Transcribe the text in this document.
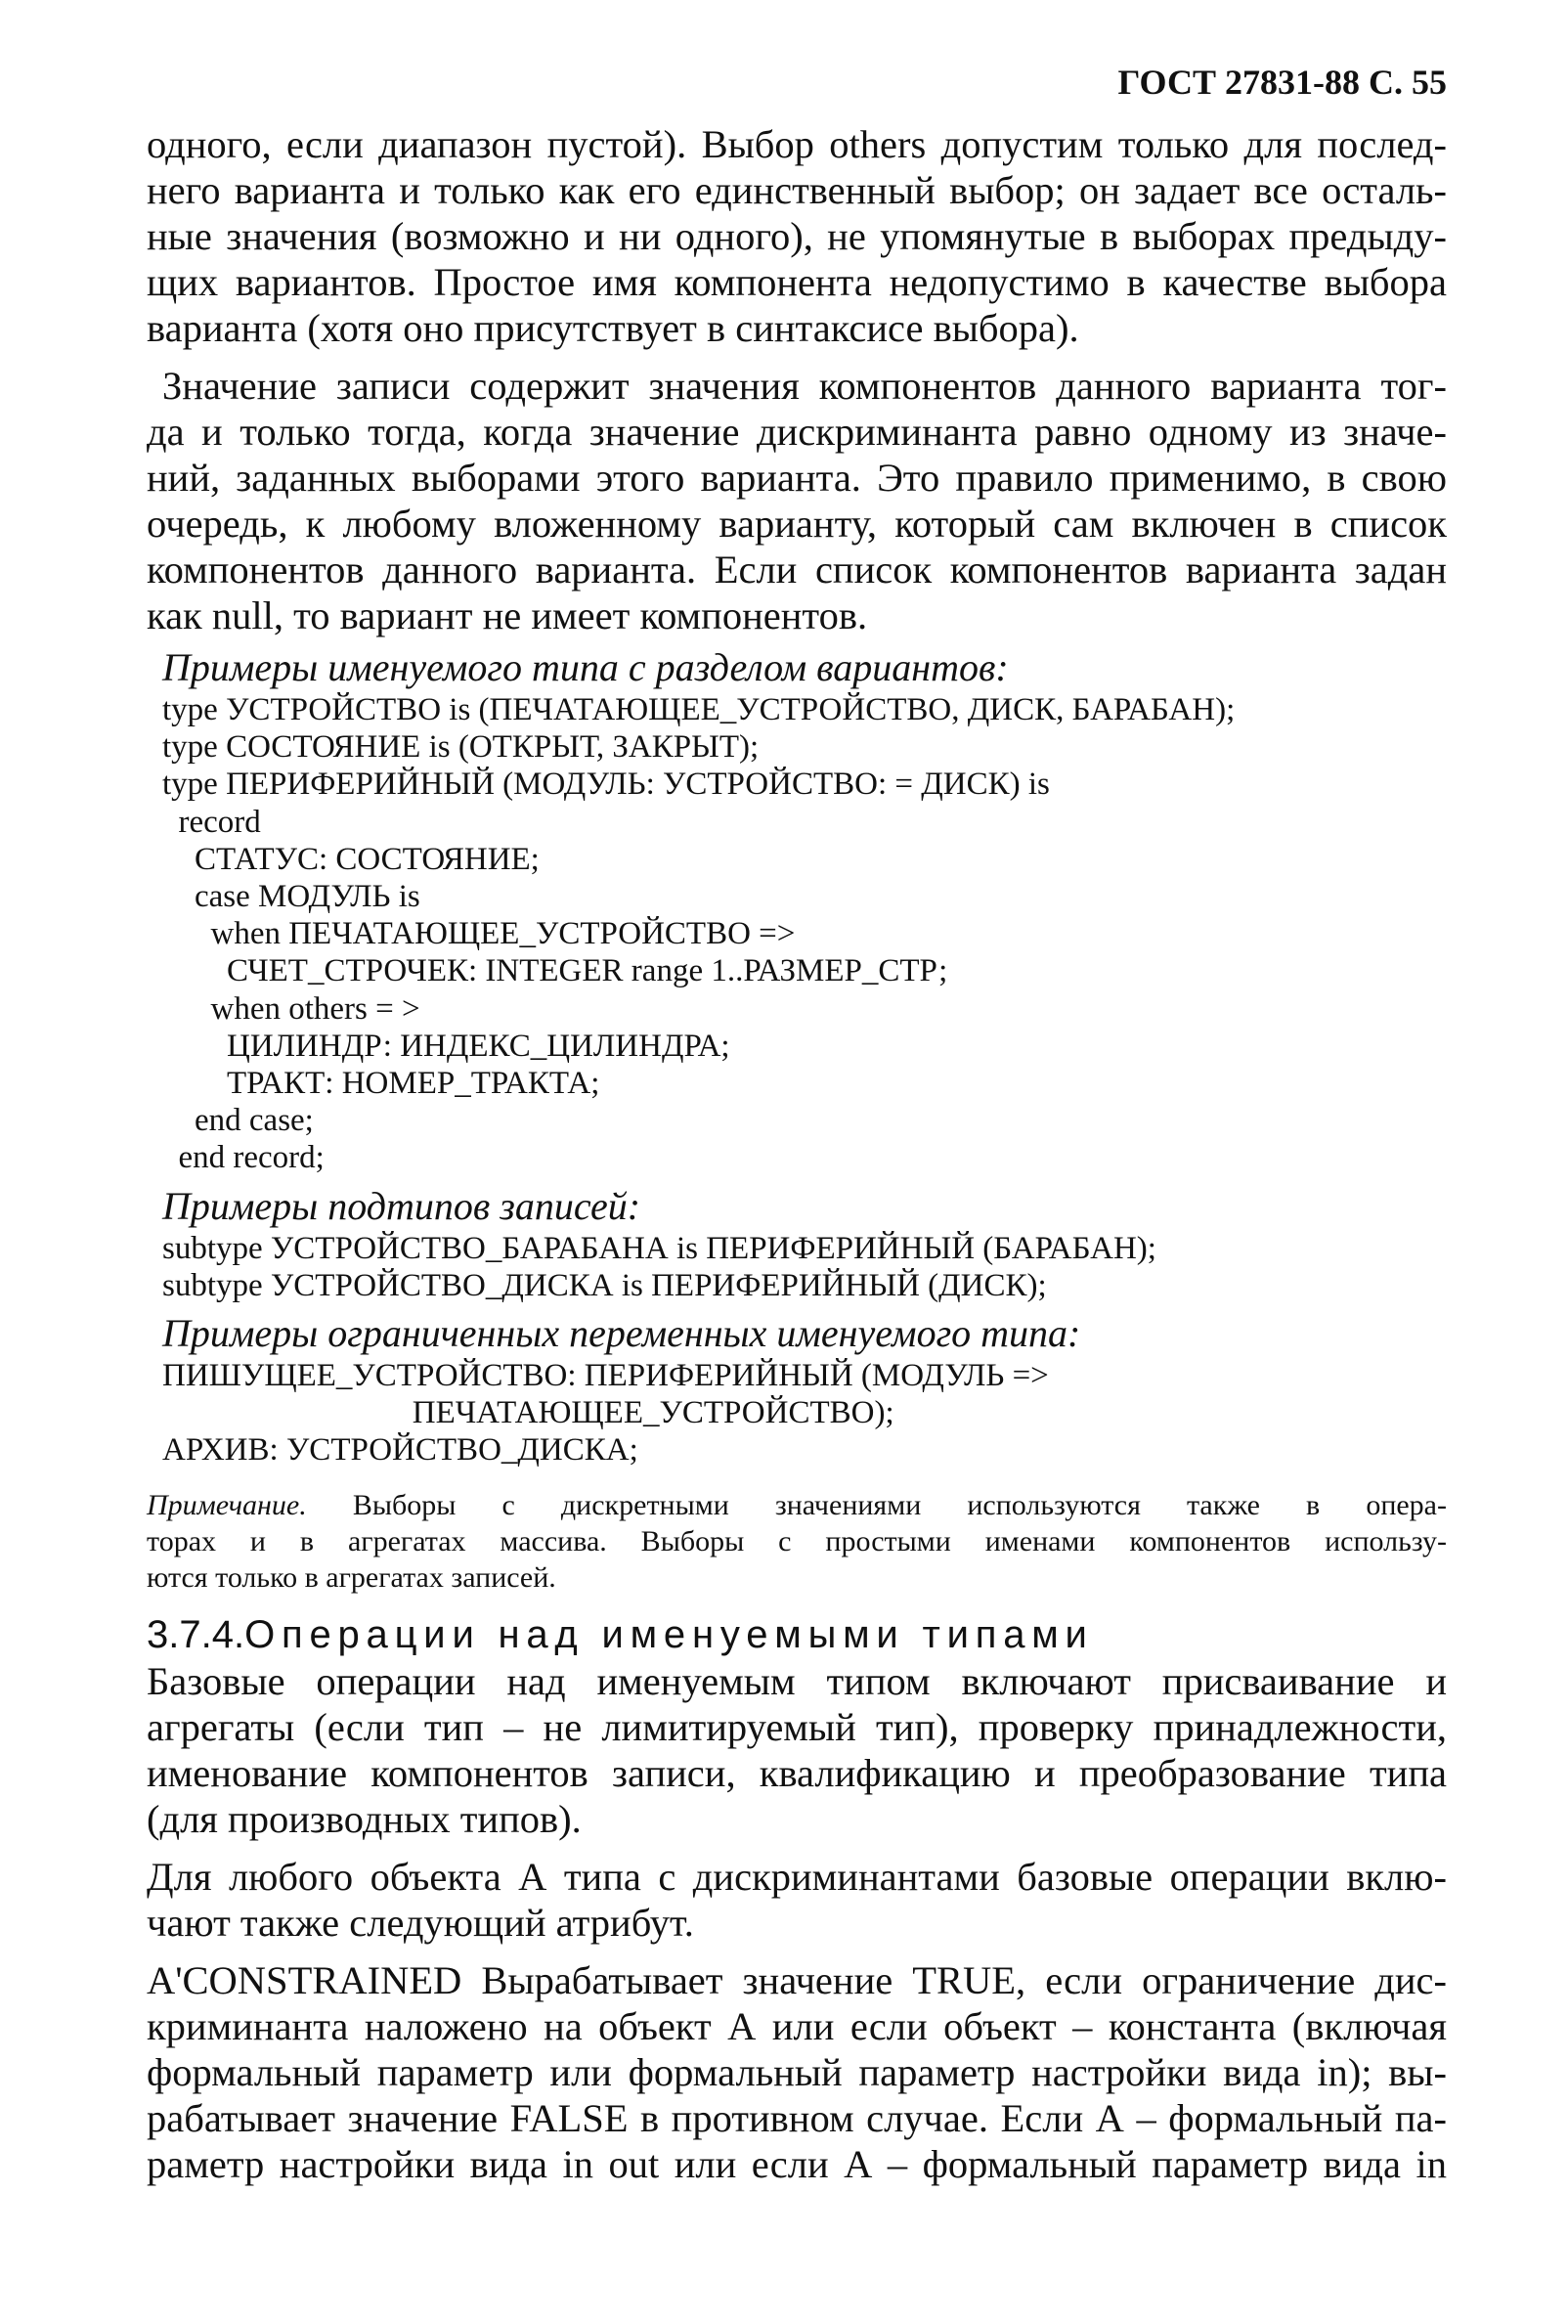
ГОСТ 27831-88 С. 55
одного, если диапазон пустой). Выбор others допустим только для послед-
него варианта и только как его единственный выбор; он задает все осталь-
ные значения (возможно и ни одного), не упомянутые в выборах предыду-
щих вариантов. Простое имя компонента недопустимо в качестве выбора
варианта (хотя оно присутствует в синтаксисе выбора).
Значение записи содержит значения компонентов данного варианта тог-
да и только тогда, когда значение дискриминанта равно одному из значе-
ний, заданных выборами этого варианта. Это правило применимо, в свою
очередь, к любому вложенному варианту, который сам включен в список
компонентов данного варианта. Если список компонентов варианта задан
как null, то вариант не имеет компонентов.
Примеры именуемого типа с разделом вариантов:
type УСТРОЙСТВО is (ПЕЧАТАЮЩЕЕ_УСТРОЙСТВО, ДИСК, БАРАБАН);
type СОСТОЯНИЕ is (ОТКРЫТ, ЗАКРЫТ);
type ПЕРИФЕРИЙНЫЙ (МОДУЛЬ: УСТРОЙСТВО: = ДИСК) is
record
СТАТУС: СОСТОЯНИЕ;
case МОДУЛЬ is
when ПЕЧАТАЮЩЕЕ_УСТРОЙСТВО =>
СЧЕТ_СТРОЧЕК: INTEGER range 1..РАЗМЕР_СТР;
when others = >
ЦИЛИНДР: ИНДЕКС_ЦИЛИНДРА;
ТРАКТ: НОМЕР_ТРАКТА;
end case;
end record;
Примеры подтипов записей:
subtype УСТРОЙСТВО_БАРАБАНА is ПЕРИФЕРИЙНЫЙ (БАРАБАН);
subtype УСТРОЙСТВО_ДИСКА is ПЕРИФЕРИЙНЫЙ (ДИСК);
Примеры ограниченных переменных именуемого типа:
ПИШУЩЕЕ_УСТРОЙСТВО: ПЕРИФЕРИЙНЫЙ (МОДУЛЬ =>
ПЕЧАТАЮЩЕЕ_УСТРОЙСТВО);
АРХИВ: УСТРОЙСТВО_ДИСКА;
Примечание. Выборы с дискретными значениями используются также в опера-
торах и в агрегатах массива. Выборы с простыми именами компонентов использу-
ются только в агрегатах записей.
3.7.4.Операции над именуемыми типами
Базовые операции над именуемым типом включают присваивание и
агрегаты (если тип – не лимитируемый тип), проверку принадлежности,
именование компонентов записи, квалификацию и преобразование типа
(для производных типов).
Для любого объекта А типа с дискриминантами базовые операции вклю-
чают также следующий атрибут.
A'CONSTRAINED Вырабатывает значение TRUE, если ограничение дис-
криминанта наложено на объект А или если объект – константа (включая
формальный параметр или формальный параметр настройки вида in); вы-
рабатывает значение FALSE в противном случае. Если А – формальный па-
раметр настройки вида in out или если А – формальный параметр вида in
